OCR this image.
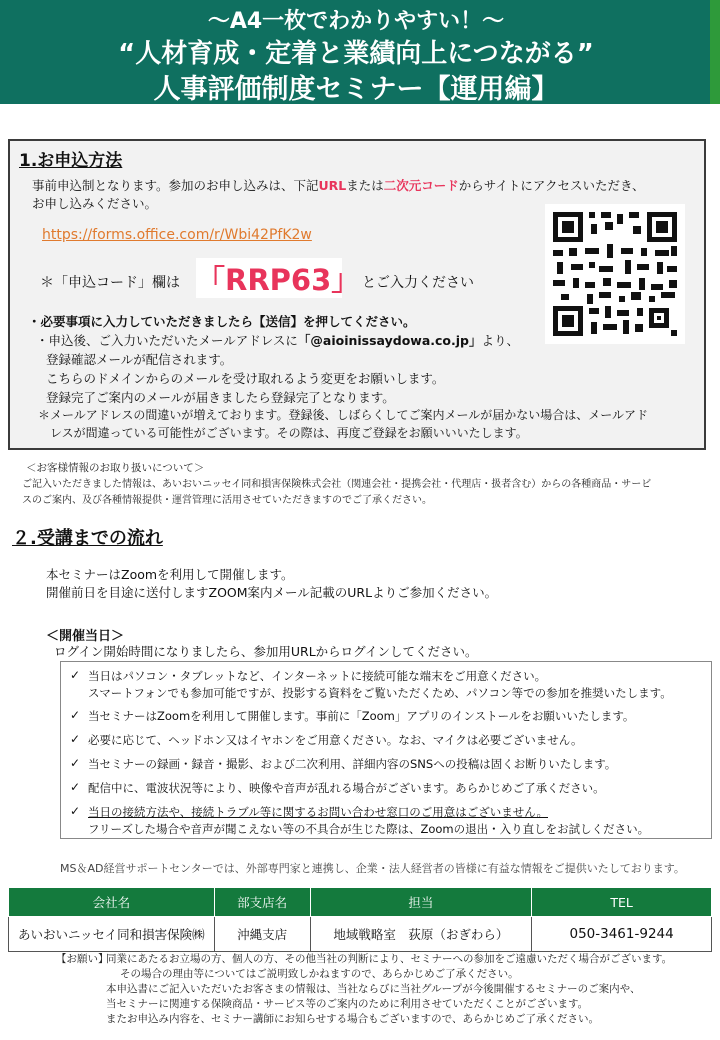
～A4一枚でわかりやすい！～
“人材育成・定着と業績向上につながる”
人事評価制度セミナー【運用編】
1.お申込方法
事前申込制となります。参加のお申し込みは、下記URLまたは二次元コードからサイトにアクセスいただき、
お申し込みください。
https://forms.office.com/r/Wbi42PfK2w
＊「申込コード」欄は 「RRP63」 とご入力ください
・必要事項に入力していただきましたら【送信】を押してください。
・申込後、ご入力いただいたメールアドレスに「@aioinissaydowa.co.jp」より、
登録確認メールが配信されます。
こちらのドメインからのメールを受け取れるよう変更をお願いします。
登録完了ご案内のメールが届きましたら登録完了となります。
＊メールアドレスの間違いが増えております。登録後、しばらくしてご案内メールが届かない場合は、メールアド
レスが間違っている可能性がございます。その際は、再度ご登録をお願いいいたします。
＜お客様情報のお取り扱いについて＞
ご記入いただきました情報は、あいおいニッセイ同和損害保険株式会社（関連会社・提携会社・代理店・扱者含む）からの各種商品・サービ
スのご案内、及び各種情報提供・運営管理に活用させていただきますのでご了承ください。
２.受講までの流れ
本セミナーはZoomを利用して開催します。
開催前日を目途に送付しますZOOM案内メール記載のURLよりご参加ください。
＜開催当日＞
ログイン開始時間になりましたら、参加用URLからログインしてください。
✓ 当日はパソコン・タブレットなど、インターネットに接続可能な端末をご用意ください。
スマートフォンでも参加可能ですが、投影する資料をご覧いただくため、パソコン等での参加を推奨いたします。
✓ 当セミナーはZoomを利用して開催します。事前に「Zoom」アプリのインストールをお願いいたします。
✓ 必要に応じて、ヘッドホン又はイヤホンをご用意ください。なお、マイクは必要ございません。
✓ 当セミナーの録画・録音・撮影、および二次利用、詳細内容のSNSへの投稿は固くお断りいたします。
✓ 配信中に、電波状況等により、映像や音声が乱れる場合がございます。あらかじめご了承ください。
✓ 当日の接続方法や、接続トラブル等に関するお問い合わせ窓口のご用意はございません。
フリーズした場合や音声が聞こえない等の不具合が生じた際は、Zoomの退出・入り直しをお試しください。
MS＆AD経営サポートセンターでは、外部専門家と連携し、企業・法人経営者の皆様に有益な情報をご提供いたしております。
会社名	部支店名	担当	TEL
あいおいニッセイ同和損害保険㈱	沖縄支店	地域戦略室　荻原（おぎわら）	050-3461-9244
【お願い】
同業にあたるお立場の方、個人の方、その他当社の判断により、セミナーへの参加をご遠慮いただく場合がございます。
その場合の理由等についてはご説明致しかねますので、あらかじめご了承ください。
本申込書にご記入いただいたお客さまの情報は、当社ならびに当社グループが今後開催するセミナーのご案内や、
当セミナーに関連する保険商品・サービス等のご案内のために利用させていただくことがございます。
またお申込み内容を、セミナー講師にお知らせする場合もございますので、あらかじめご了承ください。
